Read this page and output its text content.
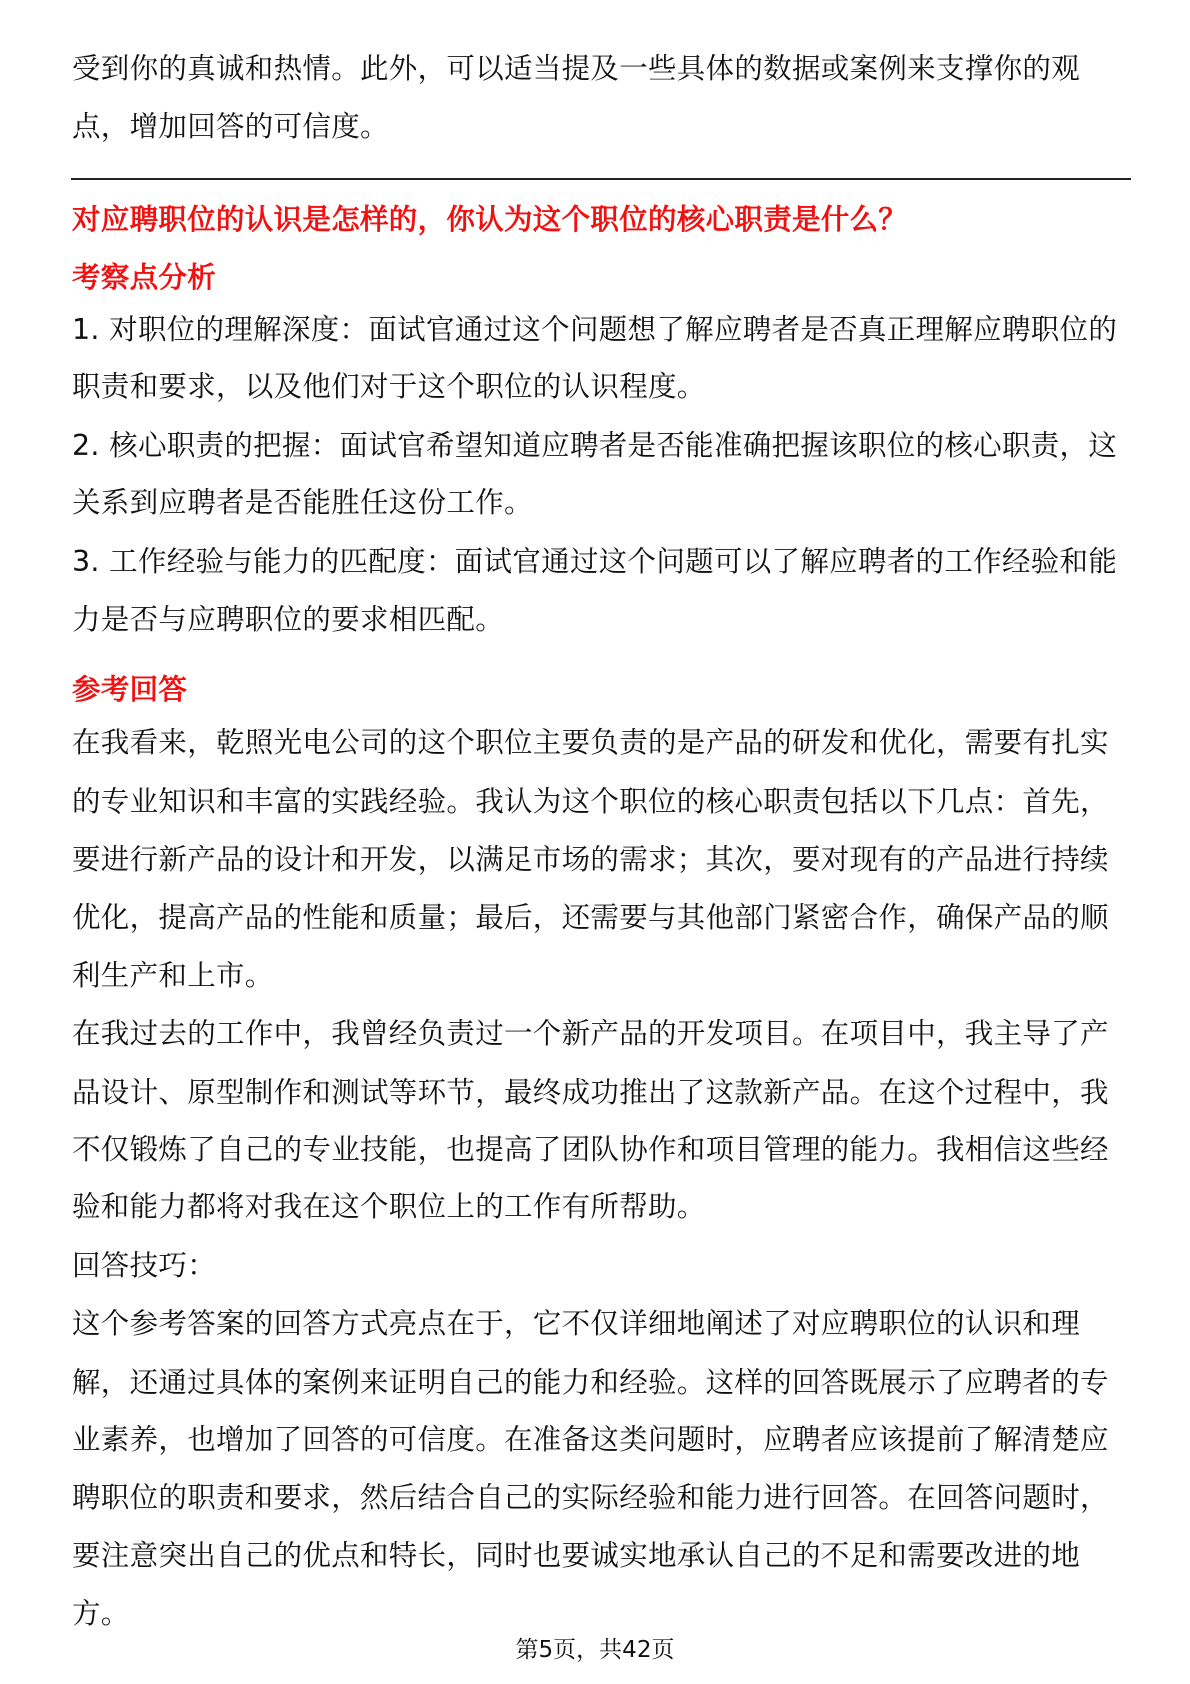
受到你的真诚和热情。此外，可以适当提及一些具体的数据或案例来支撑你的观
点，增加回答的可信度。
对应聘职位的认识是怎样的，你认为这个职位的核心职责是什么？
考察点分析
1. 对职位的理解深度：面试官通过这个问题想了解应聘者是否真正理解应聘职位的
职责和要求，以及他们对于这个职位的认识程度。
2. 核心职责的把握：面试官希望知道应聘者是否能准确把握该职位的核心职责，这
关系到应聘者是否能胜任这份工作。
3. 工作经验与能力的匹配度：面试官通过这个问题可以了解应聘者的工作经验和能
力是否与应聘职位的要求相匹配。
参考回答
在我看来，乾照光电公司的这个职位主要负责的是产品的研发和优化，需要有扎实
的专业知识和丰富的实践经验。我认为这个职位的核心职责包括以下几点：首先，
要进行新产品的设计和开发，以满足市场的需求；其次，要对现有的产品进行持续
优化，提高产品的性能和质量；最后，还需要与其他部门紧密合作，确保产品的顺
利生产和上市。
在我过去的工作中，我曾经负责过一个新产品的开发项目。在项目中，我主导了产
品设计、原型制作和测试等环节，最终成功推出了这款新产品。在这个过程中，我
不仅锻炼了自己的专业技能，也提高了团队协作和项目管理的能力。我相信这些经
验和能力都将对我在这个职位上的工作有所帮助。
回答技巧：
这个参考答案的回答方式亮点在于，它不仅详细地阐述了对应聘职位的认识和理
解，还通过具体的案例来证明自己的能力和经验。这样的回答既展示了应聘者的专
业素养，也增加了回答的可信度。在准备这类问题时，应聘者应该提前了解清楚应
聘职位的职责和要求，然后结合自己的实际经验和能力进行回答。在回答问题时，
要注意突出自己的优点和特长，同时也要诚实地承认自己的不足和需要改进的地
方。
第5页，共42页
